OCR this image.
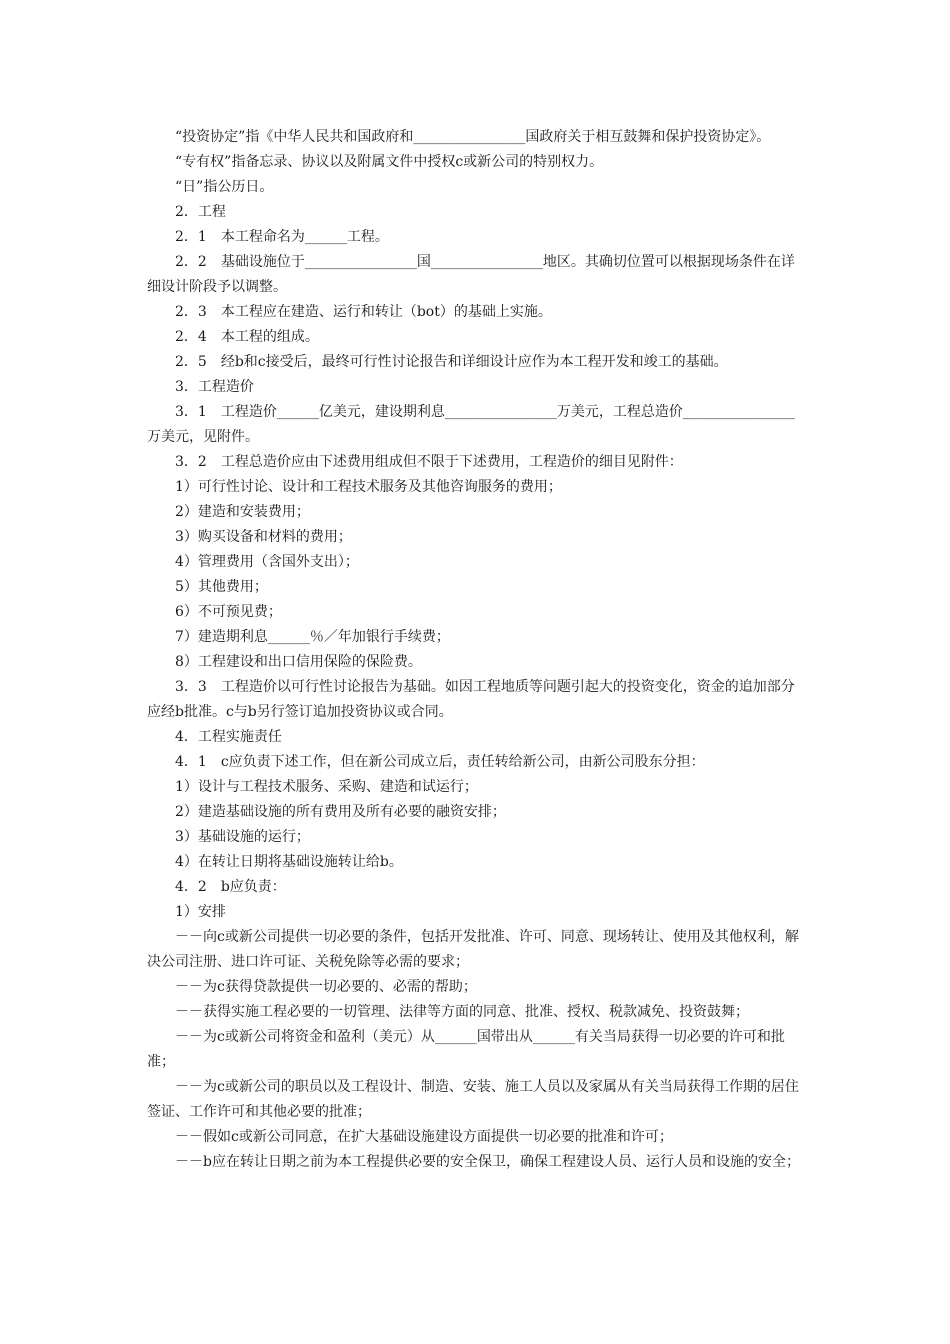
“投资协定”指《中华人民共和国政府和________________国政府关于相互鼓舞和保护投资协定》。

“专有权”指备忘录、协议以及附属文件中授权c或新公司的特别权力。

“日”指公历日。

2．工程

2．1　本工程命名为______工程。

2．2　基础设施位于________________国________________地区。其确切位置可以根据现场条件在详细设计阶段予以调整。

2．3　本工程应在建造、运行和转让（bot）的基础上实施。

2．4　本工程的组成。

2．5　经b和c接受后，最终可行性讨论报告和详细设计应作为本工程开发和竣工的基础。

3．工程造价

3．1　工程造价______亿美元，建设期利息________________万美元，工程总造价________________万美元，见附件。

3．2　工程总造价应由下述费用组成但不限于下述费用，工程造价的细目见附件：

1）可行性讨论、设计和工程技术服务及其他咨询服务的费用；

2）建造和安装费用；

3）购买设备和材料的费用；

4）管理费用（含国外支出）；

5）其他费用；

6）不可预见费；

7）建造期利息______％／年加银行手续费；

8）工程建设和出口信用保险的保险费。

3．3　工程造价以可行性讨论报告为基础。如因工程地质等问题引起大的投资变化，资金的追加部分应经b批准。c与b另行签订追加投资协议或合同。

4．工程实施责任

4．1　c应负责下述工作，但在新公司成立后，责任转给新公司，由新公司股东分担：

1）设计与工程技术服务、采购、建造和试运行；

2）建造基础设施的所有费用及所有必要的融资安排；

3）基础设施的运行；

4）在转让日期将基础设施转让给b。

4．2　b应负责：

1）安排

－－向c或新公司提供一切必要的条件，包括开发批准、许可、同意、现场转让、使用及其他权利，解决公司注册、进口许可证、关税免除等必需的要求；

－－为c获得贷款提供一切必要的、必需的帮助；

－－获得实施工程必要的一切管理、法律等方面的同意、批准、授权、税款减免、投资鼓舞；

－－为c或新公司将资金和盈利（美元）从______国带出从______有关当局获得一切必要的许可和批准；

－－为c或新公司的职员以及工程设计、制造、安装、施工人员以及家属从有关当局获得工作期的居住签证、工作许可和其他必要的批准；

－－假如c或新公司同意，在扩大基础设施建设方面提供一切必要的批准和许可；

－－b应在转让日期之前为本工程提供必要的安全保卫，确保工程建设人员、运行人员和设施的安全；
